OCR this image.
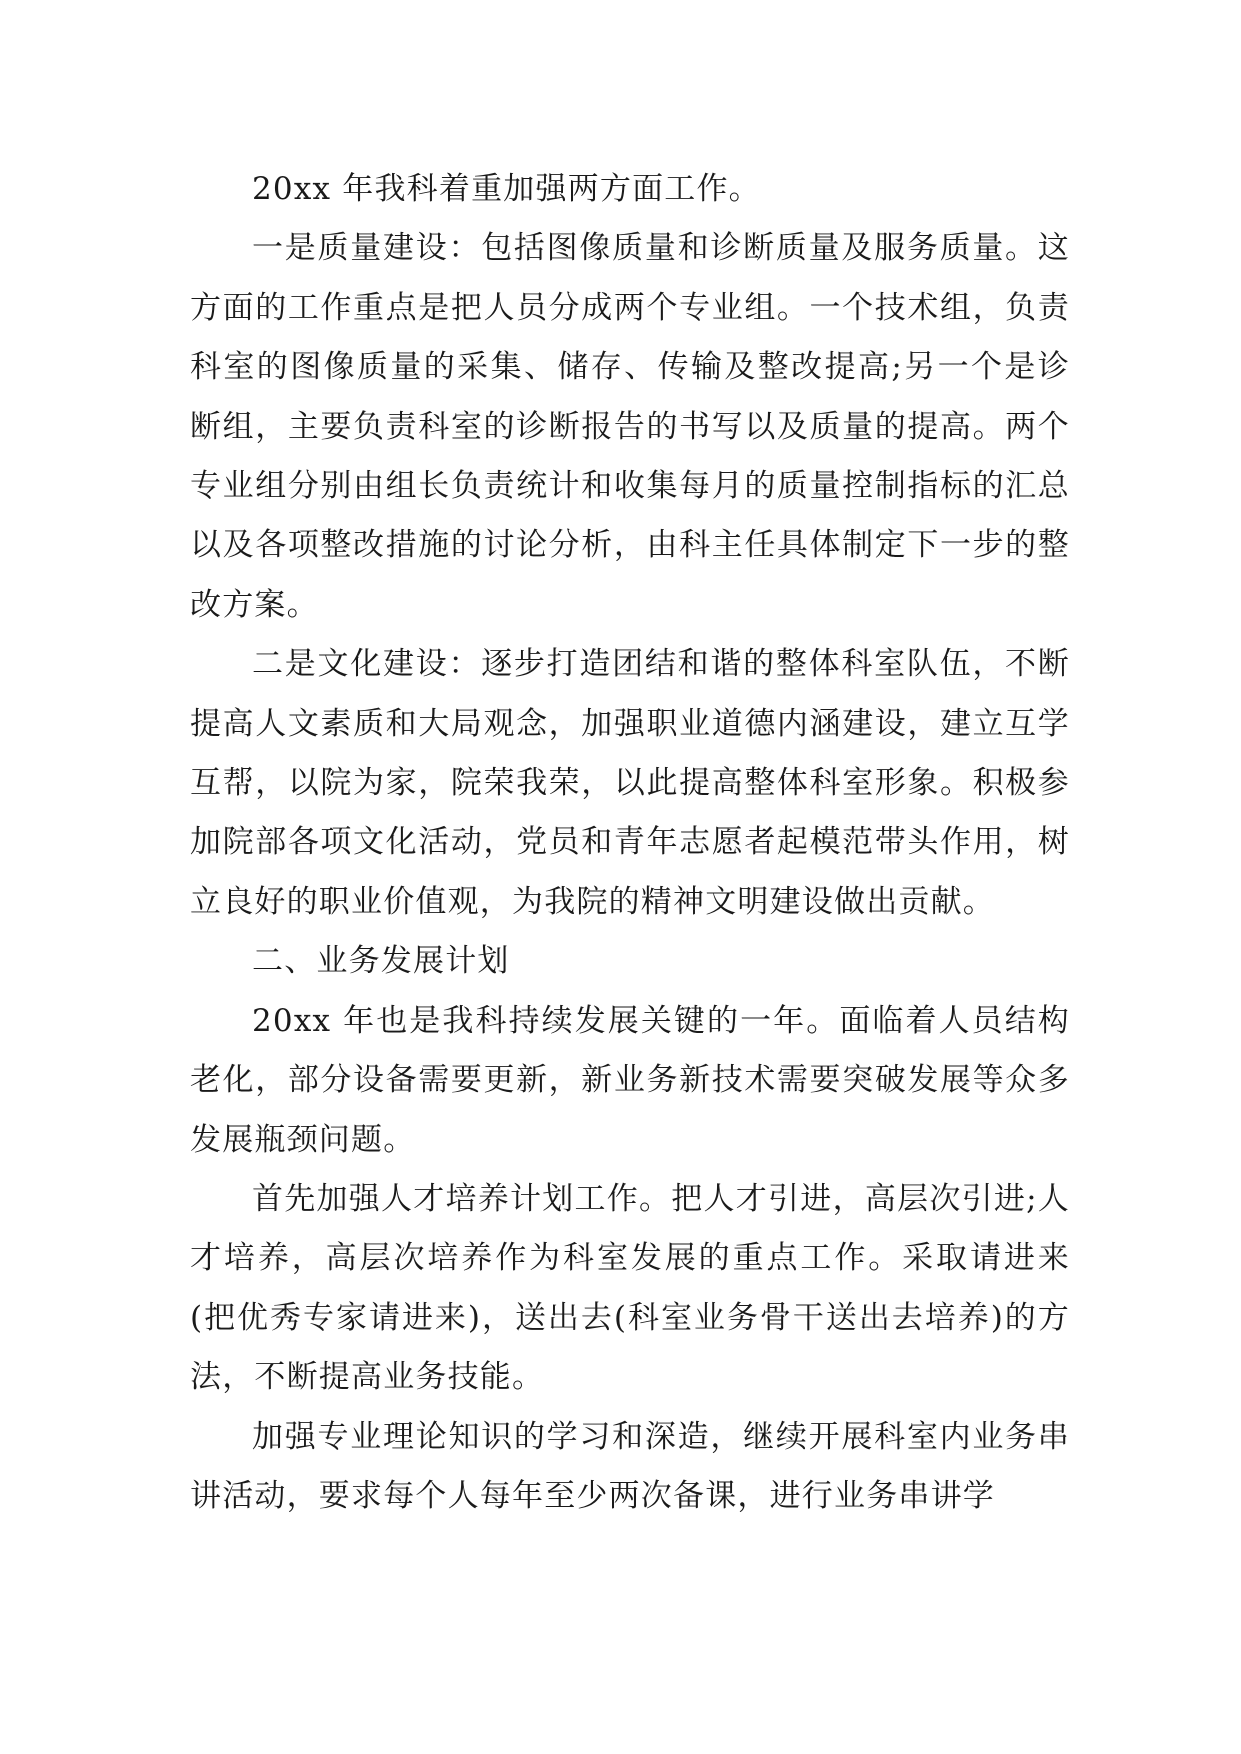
20xx 年我科着重加强两方面工作。

一是质量建设：包括图像质量和诊断质量及服务质量。这方面的工作重点是把人员分成两个专业组。一个技术组，负责科室的图像质量的采集、储存、传输及整改提高;另一个是诊断组，主要负责科室的诊断报告的书写以及质量的提高。两个专业组分别由组长负责统计和收集每月的质量控制指标的汇总以及各项整改措施的讨论分析，由科主任具体制定下一步的整改方案。

二是文化建设：逐步打造团结和谐的整体科室队伍，不断提高人文素质和大局观念，加强职业道德内涵建设，建立互学互帮，以院为家，院荣我荣，以此提高整体科室形象。积极参加院部各项文化活动，党员和青年志愿者起模范带头作用，树立良好的职业价值观，为我院的精神文明建设做出贡献。

二、业务发展计划

20xx 年也是我科持续发展关键的一年。面临着人员结构老化，部分设备需要更新，新业务新技术需要突破发展等众多发展瓶颈问题。

首先加强人才培养计划工作。把人才引进，高层次引进;人才培养，高层次培养作为科室发展的重点工作。采取请进来(把优秀专家请进来)，送出去(科室业务骨干送出去培养)的方法，不断提高业务技能。

加强专业理论知识的学习和深造，继续开展科室内业务串讲活动，要求每个人每年至少两次备课，进行业务串讲学
